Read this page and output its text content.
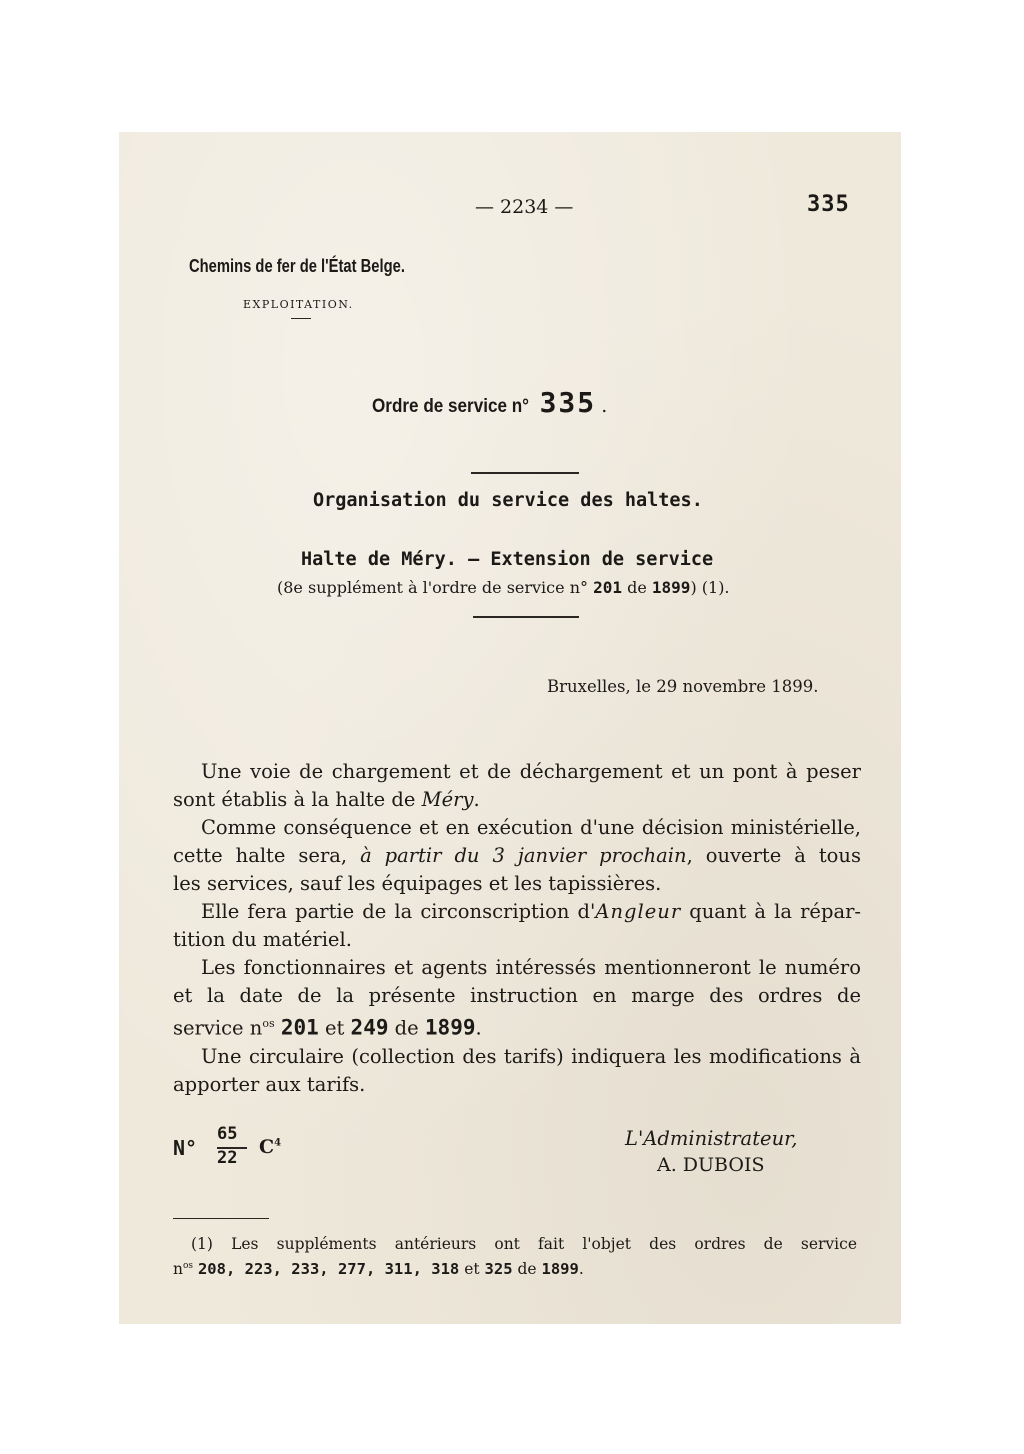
— 2234 —	335
Chemins de fer de l'État Belge.
EXPLOITATION.
Ordre de service n° 335 .
Organisation du service des haltes.
Halte de Méry. — Extension de service
(8e supplément à l'ordre de service n° 201 de 1899) (1).
Bruxelles, le 29 novembre 1899.
Une voie de chargement et de déchargement et un pont à peser
sont établis à la halte de Méry.
Comme conséquence et en exécution d'une décision ministérielle,
cette halte sera, à partir du 3 janvier prochain, ouverte à tous
les services, sauf les équipages et les tapissières.
Elle fera partie de la circonscription d'Angleur quant à la répar-
tition du matériel.
Les fonctionnaires et agents intéressés mentionneront le numéro
et la date de la présente instruction en marge des ordres de
service $n^{os}$ 201 et 249 de 1899.
Une circulaire (collection des tarifs) indiquera les modifications à
apporter aux tarifs.
N°
65
22 $C^4$	L'Administrateur,
A. DUBOIS
(1) Les suppléments antérieurs ont fait l'objet des ordres de service
$n^{os}$ 208, 223, 233, 277, 311, 318 et 325 de 1899.
